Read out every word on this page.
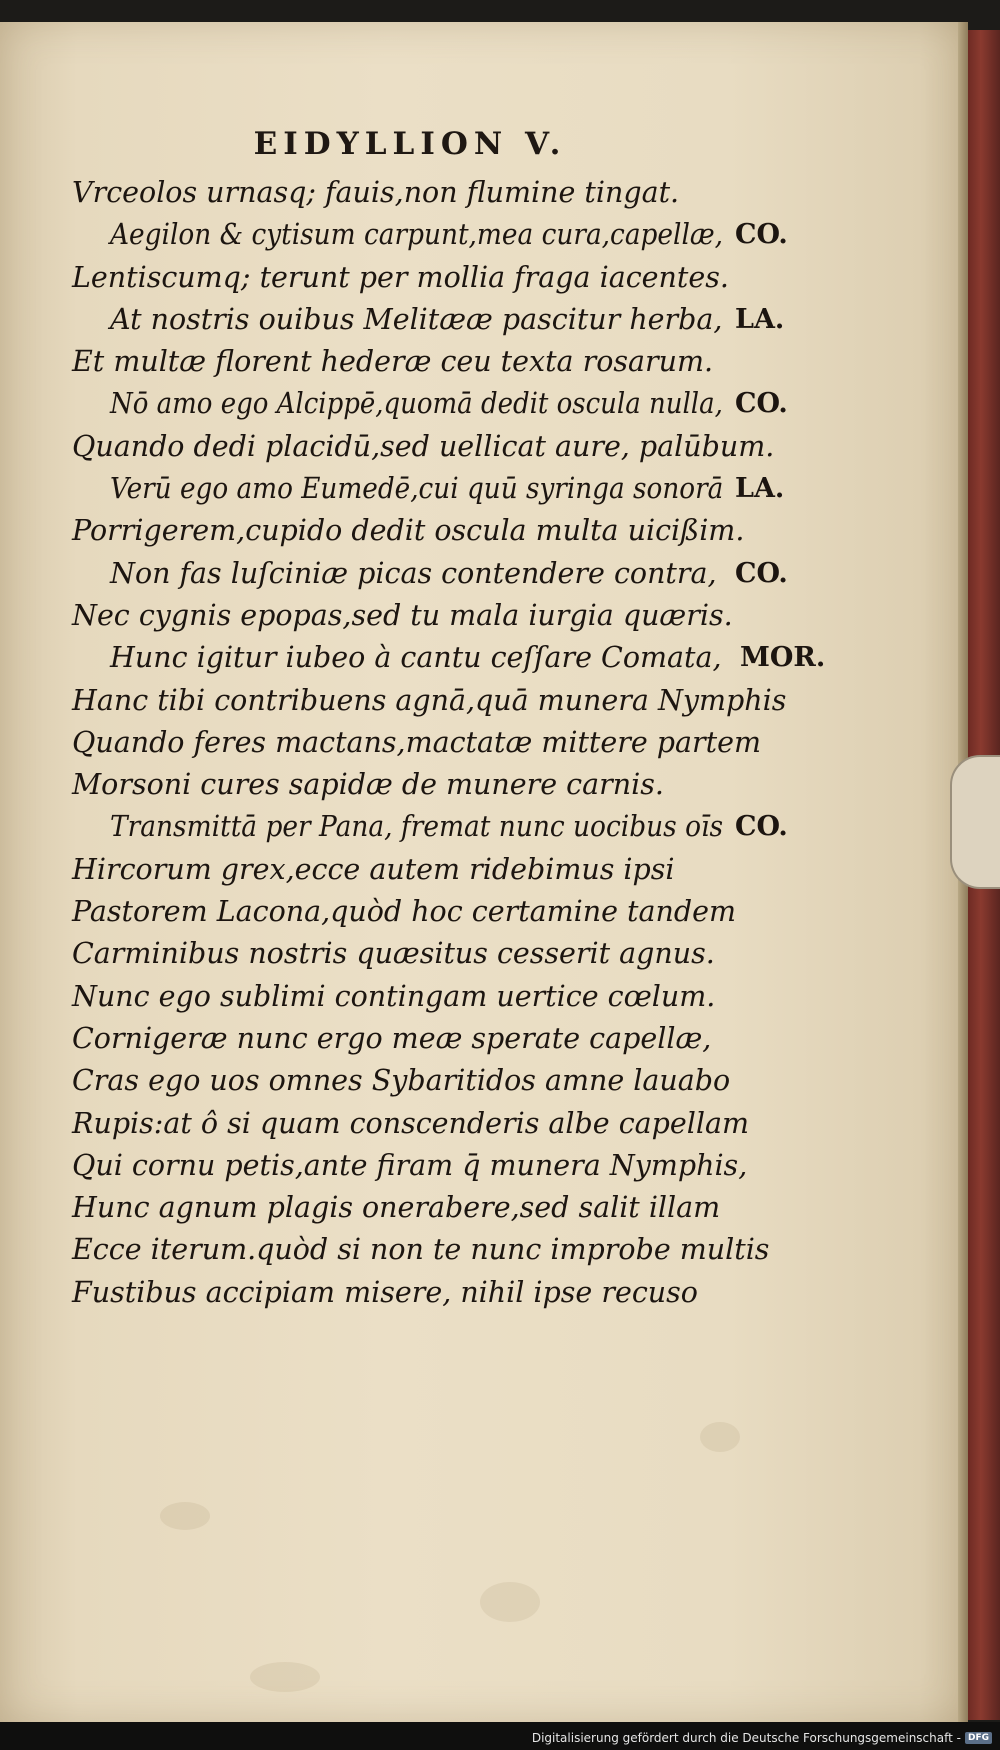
EIDYLLION V.
Vrceolos urnasq; fauis,non flumine tingat.
Aegilon & cytisum carpunt,mea cura,capellæ, CO.
Lentiscumq; terunt per mollia fraga iacentes.
At nostris ouibus Melitææ pascitur herba, LA.
Et multæ florent hederæ ceu texta rosarum.
Nō amo ego Alcippē,quomā dedit oscula nulla, CO.
Quando dedi placidū,sed uellicat aure, palūbum.
Verū ego amo Eumedē,cui quū syringa sonorā LA.
Porrigerem,cupido dedit oscula multa uicißim.
Non fas luſciniæ picas contendere contra, CO.
Nec cygnis epopas,sed tu mala iurgia quæris.
Hunc igitur iubeo à cantu ceſſare Comata, MOR.
Hanc tibi contribuens agnā,quā munera Nymphis
Quando feres mactans,mactatæ mittere partem
Morsoni cures sapidæ de munere carnis.
Transmittā per Pana, fremat nunc uocibus oīs CO.
Hircorum grex,ecce autem ridebimus ipsi
Pastorem Lacona,quòd hoc certamine tandem
Carminibus nostris quæsitus cesserit agnus.
Nunc ego sublimi contingam uertice cœlum.
Cornigeræ nunc ergo meæ sperate capellæ,
Cras ego uos omnes Sybaritidos amne lauabo
Rupis:at ô si quam conscenderis albe capellam
Qui cornu petis,ante firam q̄ munera Nymphis,
Hunc agnum plagis onerabere,sed salit illam
Ecce iterum.quòd si non te nunc improbe multis
Fustibus accipiam misere, nihil ipse recuso
Digitalisierung gefördert durch die Deutsche Forschungsgemeinschaft - DFG
